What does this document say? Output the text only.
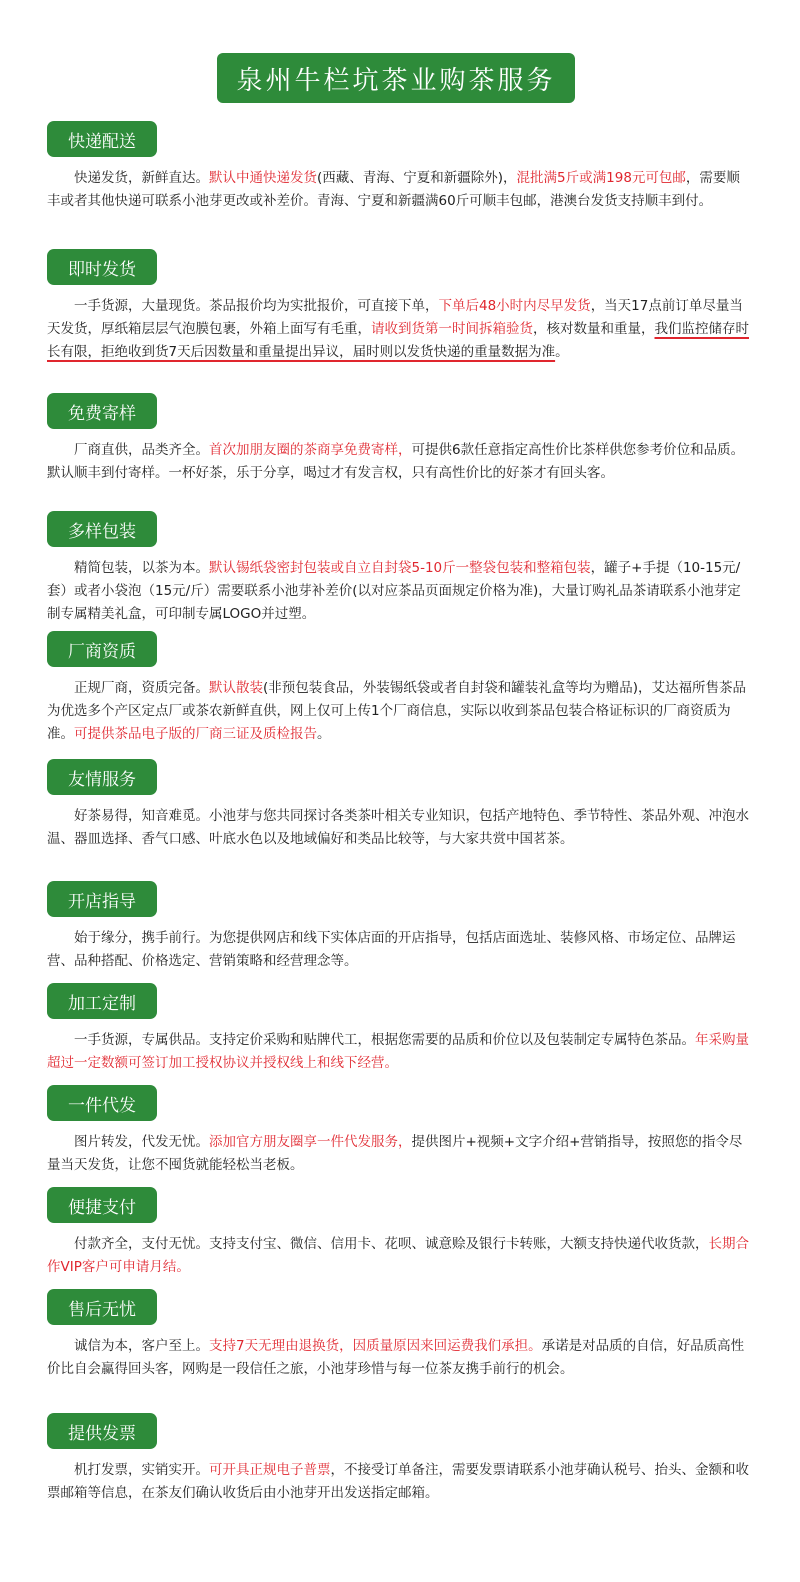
泉州牛栏坑茶业购茶服务
快递配送
快递发货，新鲜直达。默认中通快递发货(西藏、青海、宁夏和新疆除外)，混批满5斤或满198元可包邮，需要顺丰或者其他快递可联系小池芽更改或补差价。青海、宁夏和新疆满60斤可顺丰包邮，港澳台发货支持顺丰到付。
即时发货
一手货源，大量现货。茶品报价均为实批报价，可直接下单，下单后48小时内尽早发货，当天17点前订单尽量当天发货，厚纸箱层层气泡膜包裹，外箱上面写有毛重，请收到货第一时间拆箱验货，核对数量和重量，我们监控储存时长有限，拒绝收到货7天后因数量和重量提出异议，届时则以发货快递的重量数据为准。
免费寄样
厂商直供，品类齐全。首次加朋友圈的茶商享免费寄样，可提供6款任意指定高性价比茶样供您参考价位和品质。默认顺丰到付寄样。一杯好茶，乐于分享，喝过才有发言权，只有高性价比的好茶才有回头客。
多样包装
精简包装，以茶为本。默认锡纸袋密封包装或自立自封袋5-10斤一整袋包装和整箱包装，罐子+手提（10-15元/套）或者小袋泡（15元/斤）需要联系小池芽补差价(以对应茶品页面规定价格为准)，大量订购礼品茶请联系小池芽定制专属精美礼盒，可印制专属LOGO并过塑。
厂商资质
正规厂商，资质完备。默认散装(非预包装食品，外装锡纸袋或者自封袋和罐装礼盒等均为赠品)，艾达福所售茶品为优选多个产区定点厂或茶农新鲜直供，网上仅可上传1个厂商信息，实际以收到茶品包装合格证标识的厂商资质为准。可提供茶品电子版的厂商三证及质检报告。
友情服务
好茶易得，知音难觅。小池芽与您共同探讨各类茶叶相关专业知识，包括产地特色、季节特性、茶品外观、冲泡水温、器皿选择、香气口感、叶底水色以及地域偏好和类品比较等，与大家共赏中国茗茶。
开店指导
始于缘分，携手前行。为您提供网店和线下实体店面的开店指导，包括店面选址、装修风格、市场定位、品牌运营、品种搭配、价格选定、营销策略和经营理念等。
加工定制
一手货源，专属供品。支持定价采购和贴牌代工，根据您需要的品质和价位以及包装制定专属特色茶品。年采购量超过一定数额可签订加工授权协议并授权线上和线下经营。
一件代发
图片转发，代发无忧。添加官方朋友圈享一件代发服务，提供图片+视频+文字介绍+营销指导，按照您的指令尽量当天发货，让您不囤货就能轻松当老板。
便捷支付
付款齐全，支付无忧。支持支付宝、微信、信用卡、花呗、诚意赊及银行卡转账，大额支持快递代收货款，长期合作VIP客户可申请月结。
售后无忧
诚信为本，客户至上。支持7天无理由退换货，因质量原因来回运费我们承担。承诺是对品质的自信，好品质高性价比自会赢得回头客，网购是一段信任之旅，小池芽珍惜与每一位茶友携手前行的机会。
提供发票
机打发票，实销实开。可开具正规电子普票，不接受订单备注，需要发票请联系小池芽确认税号、抬头、金额和收票邮箱等信息，在茶友们确认收货后由小池芽开出发送指定邮箱。
